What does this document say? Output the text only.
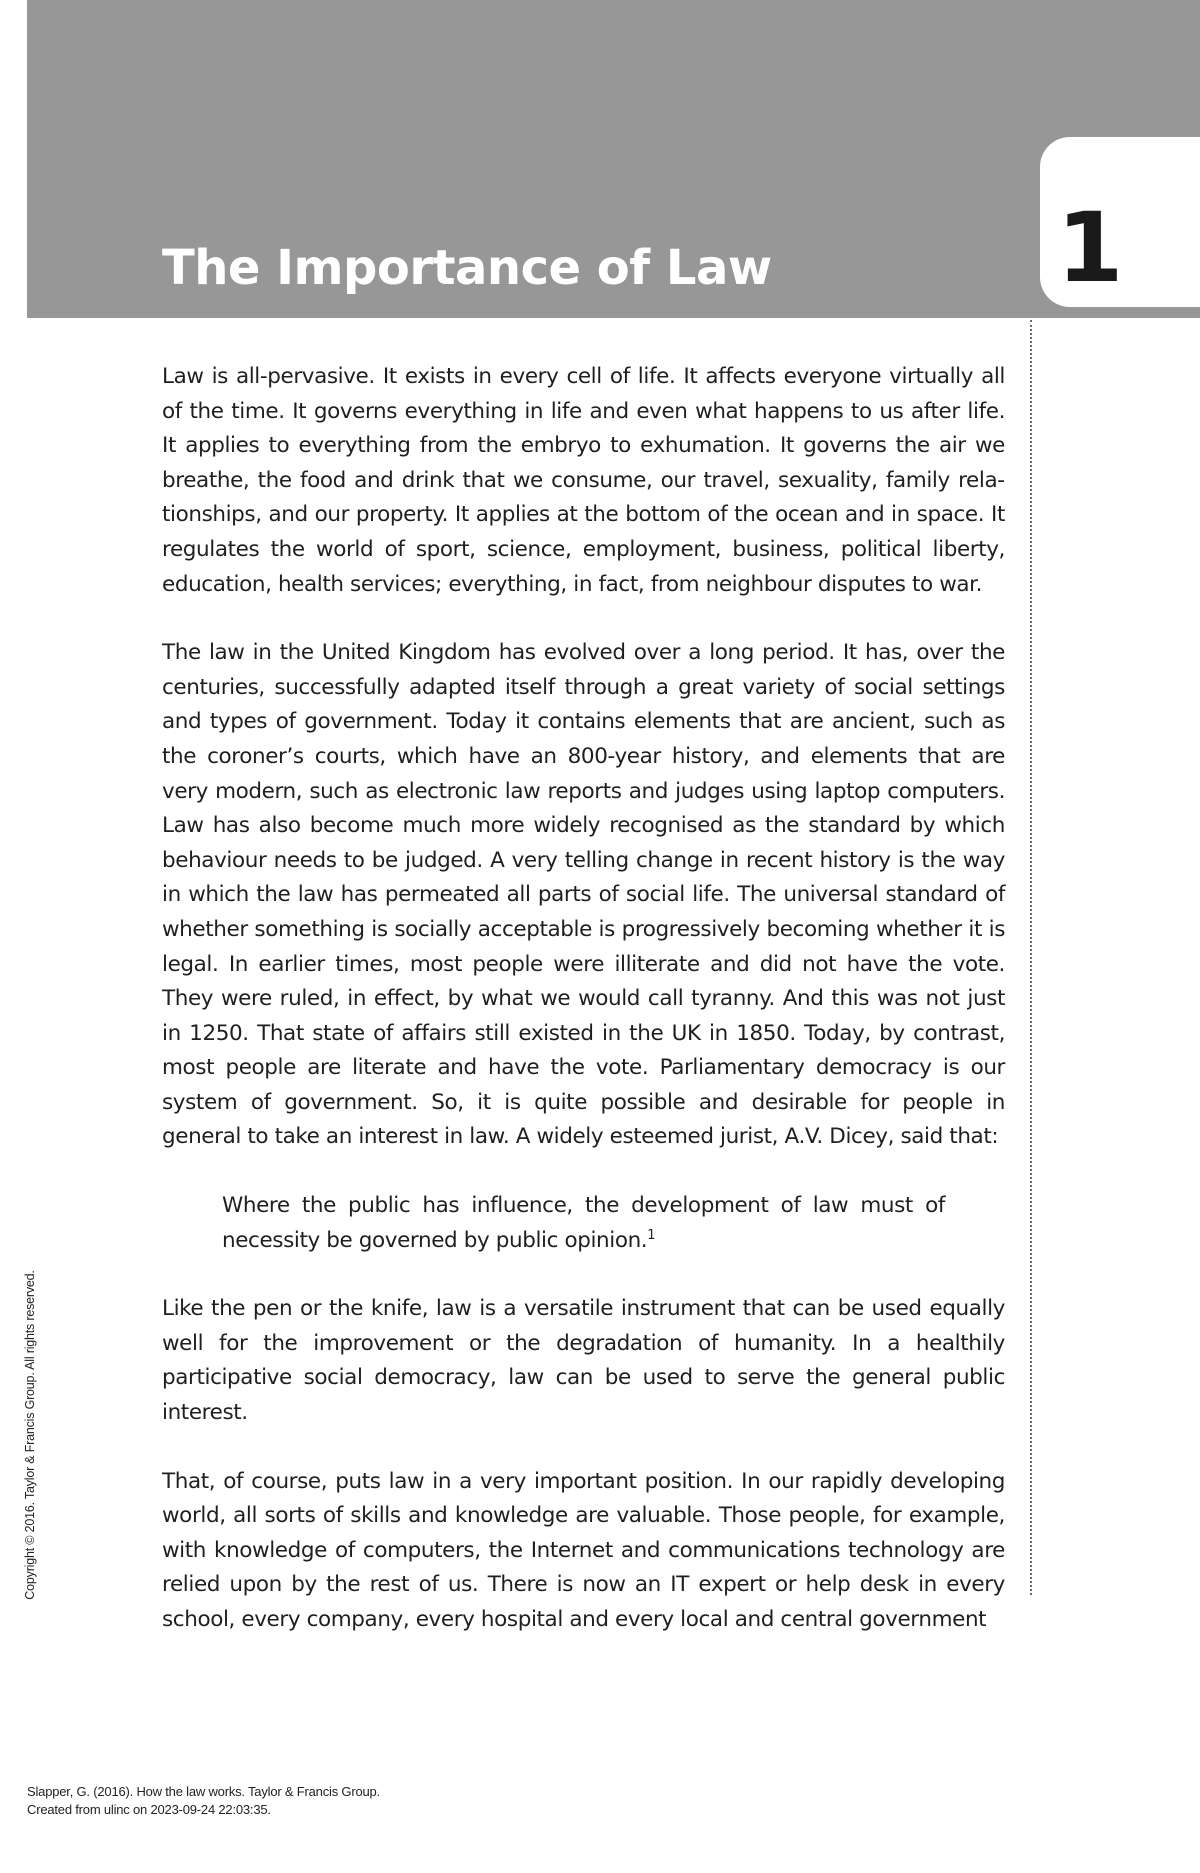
The Importance of Law	1

Law is all-pervasive. It exists in every cell of life. It affects everyone virtually all of the time. It governs everything in life and even what happens to us after life. It applies to everything from the embryo to exhumation. It governs the air we breathe, the food and drink that we consume, our travel, sexuality, family relationships, and our property. It applies at the bottom of the ocean and in space. It regulates the world of sport, science, employment, business, political liberty, education, health services; everything, in fact, from neighbour disputes to war.

The law in the United Kingdom has evolved over a long period. It has, over the centuries, successfully adapted itself through a great variety of social settings and types of government. Today it contains elements that are ancient, such as the coroner’s courts, which have an 800-year history, and elements that are very modern, such as electronic law reports and judges using laptop computers. Law has also become much more widely recognised as the standard by which behaviour needs to be judged. A very telling change in recent history is the way in which the law has permeated all parts of social life. The universal standard of whether something is socially acceptable is progressively becoming whether it is legal. In earlier times, most people were illiterate and did not have the vote. They were ruled, in effect, by what we would call tyranny. And this was not just in 1250. That state of affairs still existed in the UK in 1850. Today, by contrast, most people are literate and have the vote. Parliamentary democracy is our system of government. So, it is quite possible and desirable for people in general to take an interest in law. A widely esteemed jurist, A.V. Dicey, said that:

Where the public has influence, the development of law must of necessity be governed by public opinion.$^1$

Like the pen or the knife, law is a versatile instrument that can be used equally well for the improvement or the degradation of humanity. In a healthily participative social democracy, law can be used to serve the general public interest.

That, of course, puts law in a very important position. In our rapidly developing world, all sorts of skills and knowledge are valuable. Those people, for example, with knowledge of computers, the Internet and communications technology are relied upon by the rest of us. There is now an IT expert or help desk in every school, every company, every hospital and every local and central government

Copyright © 2016. Taylor & Francis Group. All rights reserved.
Slapper, G. (2016). How the law works. Taylor & Francis Group.
Created from ulinc on 2023-09-24 22:03:35.
